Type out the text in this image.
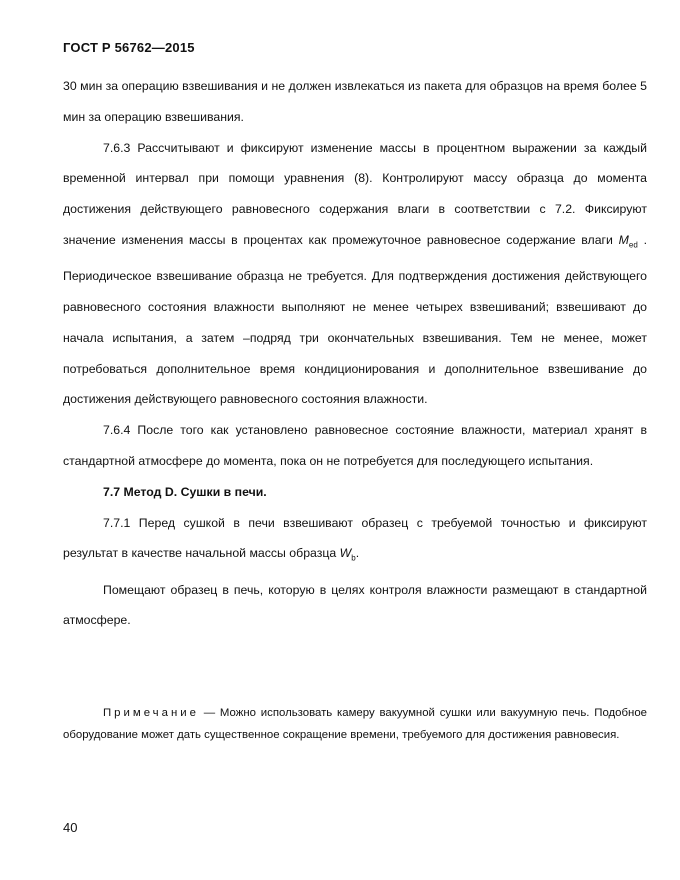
ГОСТ Р 56762—2015

30 мин за операцию взвешивания и не должен извлекаться из пакета для образцов на время более 5 мин за операцию взвешивания.

7.6.3 Рассчитывают и фиксируют изменение массы в процентном выражении за каждый временной интервал при помощи уравнения (8). Контролируют массу образца до момента достижения действующего равновесного содержания влаги в соответствии с 7.2. Фиксируют значение изменения массы в процентах как промежуточное равновесное содержание влаги $M_{ed}$ . Периодическое взвешивание образца не требуется. Для подтверждения достижения действующего равновесного состояния влажности выполняют не менее четырех взвешиваний; взвешивают до начала испытания, а затем –подряд три окончательных взвешивания. Тем не менее, может потребоваться дополнительное время кондиционирования и дополнительное взвешивание до достижения действующего равновесного состояния влажности.

7.6.4 После того как установлено равновесное состояние влажности, материал хранят в стандартной атмосфере до момента, пока он не потребуется для последующего испытания.

7.7 Метод D. Сушки в печи.

7.7.1 Перед сушкой в печи взвешивают образец с требуемой точностью и фиксируют результат в качестве начальной массы образца $W_b$.

Помещают образец в печь, которую в целях контроля влажности размещают в стандартной атмосфере.

Примечание — Можно использовать камеру вакуумной сушки или вакуумную печь. Подобное оборудование может дать существенное сокращение времени, требуемого для достижения равновесия.
40
